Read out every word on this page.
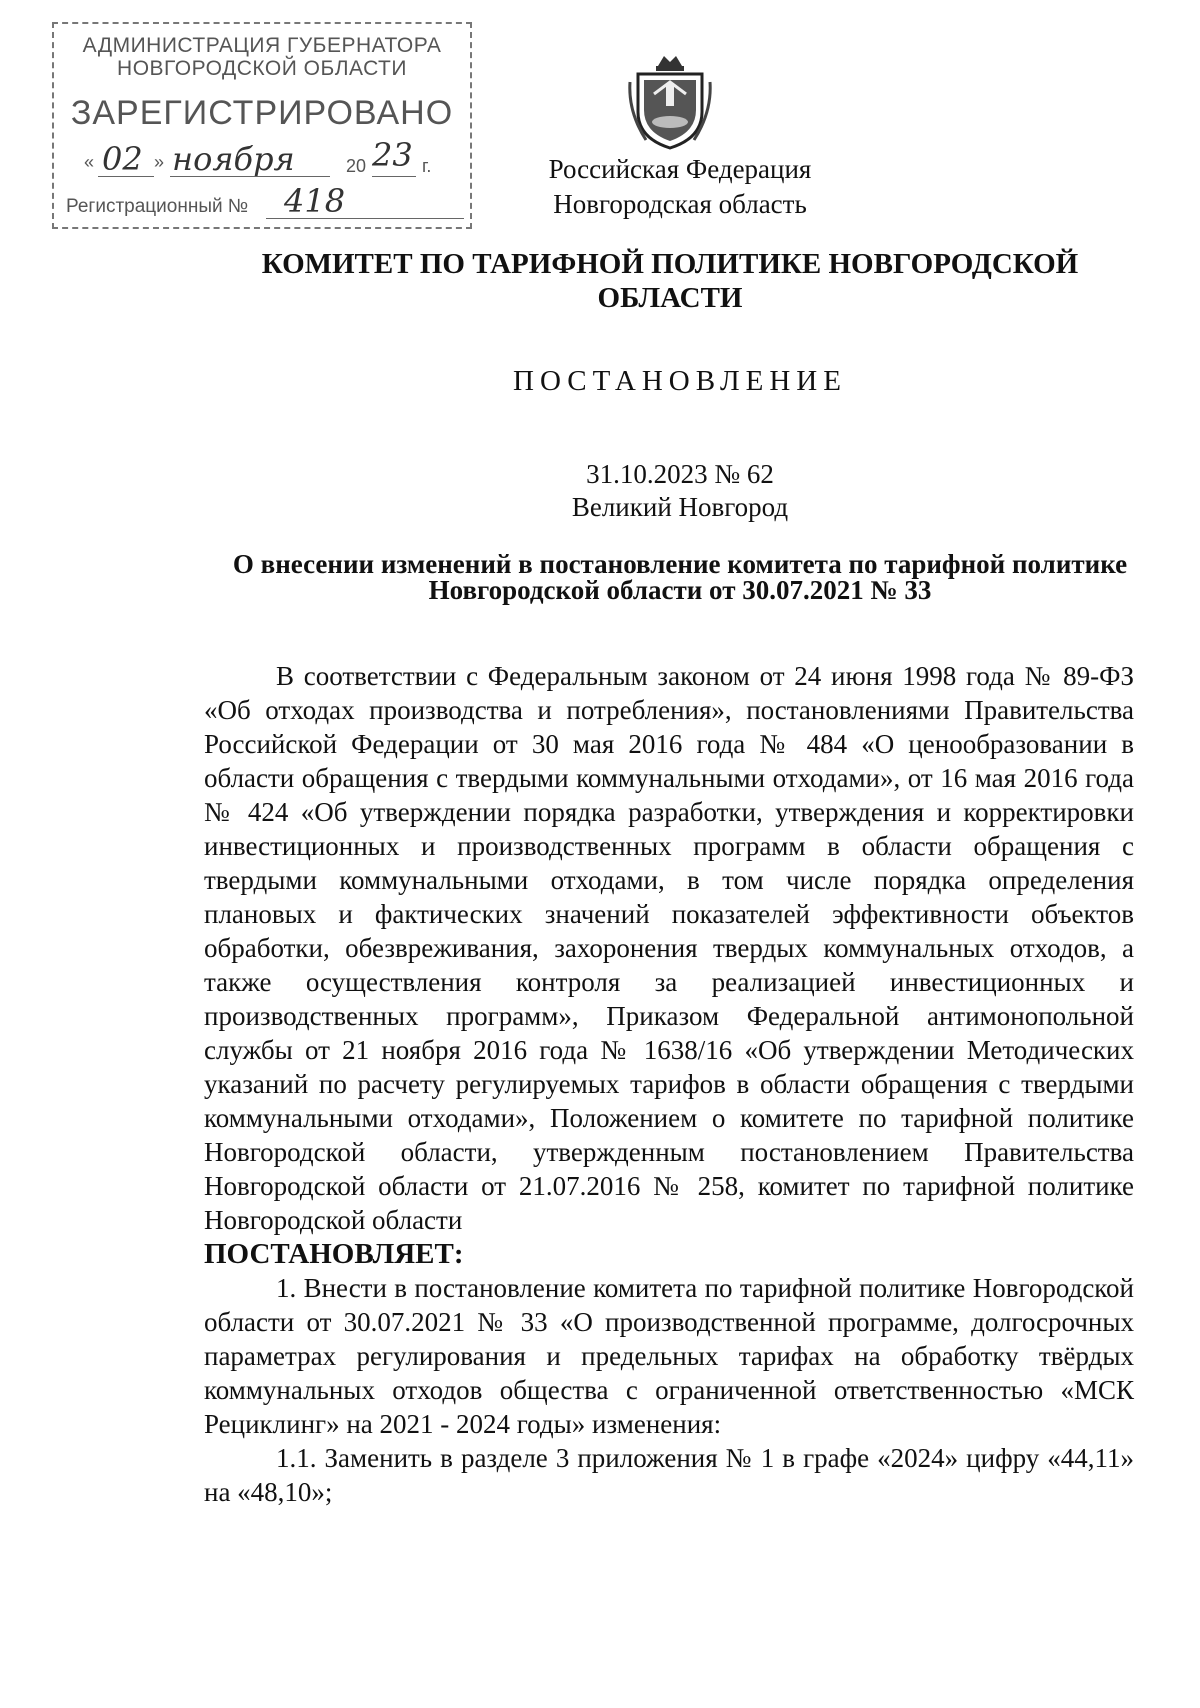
АДМИНИСТРАЦИЯ ГУБЕРНАТОРА
НОВГОРОДСКОЙ ОБЛАСТИ
ЗАРЕГИСТРИРОВАНО
« 02 » ноября	20 23 г.
Регистрационный № 418
Российская Федерация
Новгородская область
КОМИТЕТ ПО ТАРИФНОЙ ПОЛИТИКЕ НОВГОРОДСКОЙ ОБЛАСТИ
ПОСТАНОВЛЕНИЕ
31.10.2023 № 62
Великий Новгород
О внесении изменений в постановление комитета по тарифной политике Новгородской области от 30.07.2021 № 33

В соответствии с Федеральным законом от 24 июня 1998 года № 89-ФЗ «Об отходах производства и потребления», постановлениями Правительства Российской Федерации от 30 мая 2016 года № 484 «О ценообразовании в области обращения с твердыми коммунальными отходами», от 16 мая 2016 года № 424 «Об утверждении порядка разработки, утверждения и корректировки инвестиционных и производственных программ в области обращения с твердыми коммунальными отходами, в том числе порядка определения плановых и фактических значений показателей эффективности объектов обработки, обезвреживания, захоронения твердых коммунальных отходов, а также осуществления контроля за реализацией инвестиционных и производственных программ», Приказом Федеральной антимонопольной службы от 21 ноября 2016 года № 1638/16 «Об утверждении Методических указаний по расчету регулируемых тарифов в области обращения с твердыми коммунальными отходами», Положением о комитете по тарифной политике Новгородской области, утвержденным постановлением Правительства Новгородской области от 21.07.2016 № 258, комитет по тарифной политике Новгородской области

ПОСТАНОВЛЯЕТ:

1. Внести в постановление комитета по тарифной политике Новгородской области от 30.07.2021 № 33 «О производственной программе, долгосрочных параметрах регулирования и предельных тарифах на обработку твёрдых коммунальных отходов общества с ограниченной ответственностью «МСК Рециклинг» на 2021 - 2024 годы» изменения:

1.1. Заменить в разделе 3 приложения № 1 в графе «2024» цифру «44,11» на «48,10»;
